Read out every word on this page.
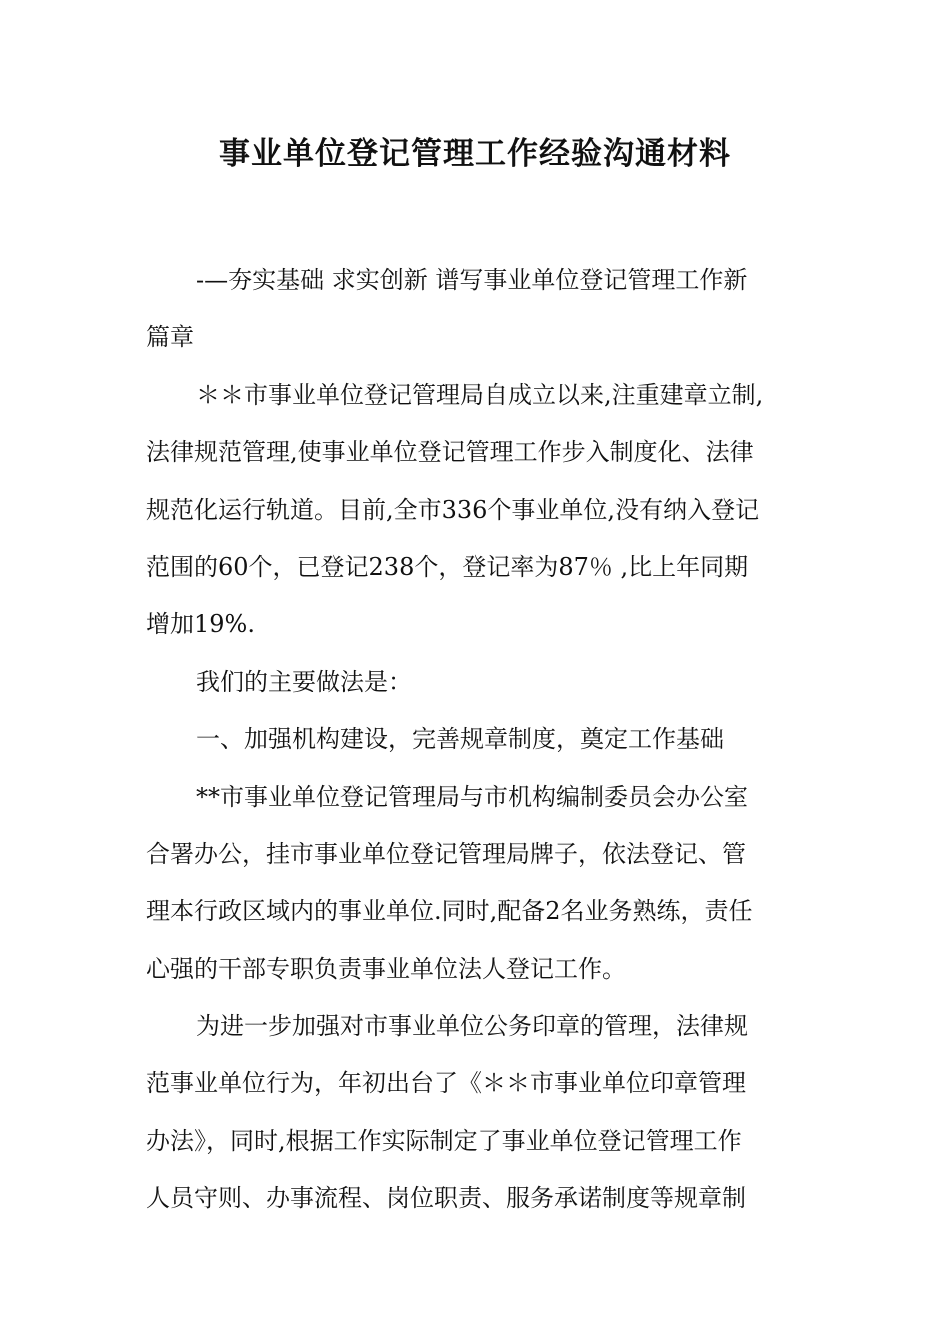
事业单位登记管理工作经验沟通材料
-—夯实基础 求实创新 谱写事业单位登记管理工作新
篇章
＊＊市事业单位登记管理局自成立以来,注重建章立制,
法律规范管理,使事业单位登记管理工作步入制度化、法律
规范化运行轨道。目前,全市336个事业单位,没有纳入登记
范围的60个，已登记238个，登记率为87％ ,比上年同期
增加19%.
我们的主要做法是：
一、加强机构建设，完善规章制度，奠定工作基础
**市事业单位登记管理局与市机构编制委员会办公室
合署办公，挂市事业单位登记管理局牌子，依法登记、管
理本行政区域内的事业单位.同时,配备2名业务熟练，责任
心强的干部专职负责事业单位法人登记工作。
为进一步加强对市事业单位公务印章的管理，法律规
范事业单位行为，年初出台了《＊＊市事业单位印章管理
办法》，同时,根据工作实际制定了事业单位登记管理工作
人员守则、办事流程、岗位职责、服务承诺制度等规章制
